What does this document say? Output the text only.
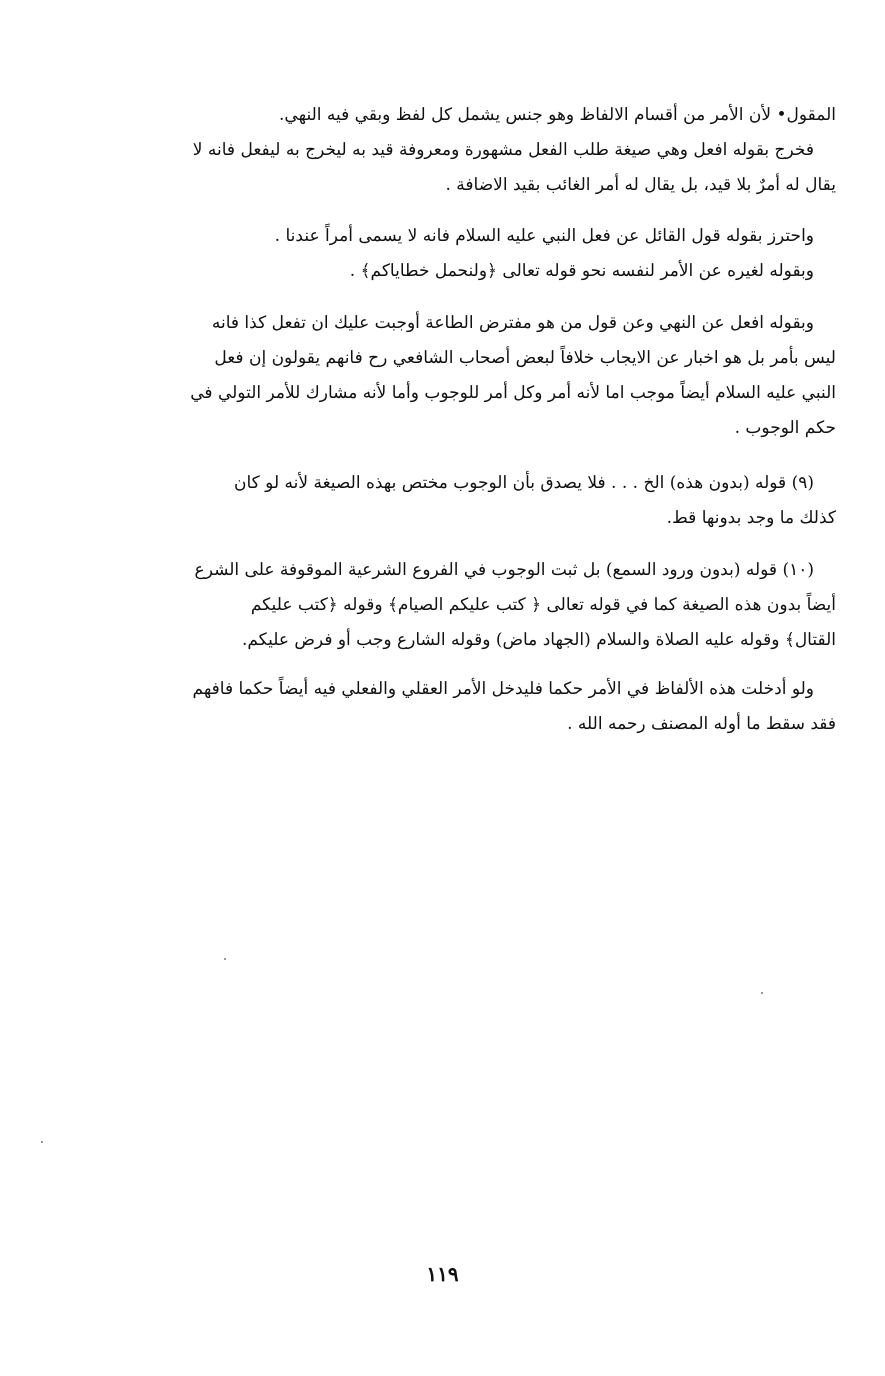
المقول• لأن الأمر من أقسام الالفاظ وهو جنس يشمل كل لفظ وبقي فيه النهي.
فخرج بقوله افعل وهي صيغة طلب الفعل مشهورة ومعروفة قيد به ليخرج به ليفعل فانه لا
يقال له أمرٌ بلا قيد، بل يقال له أمر الغائب بقيد الاضافة .
واحترز بقوله قول القائل عن فعل النبي عليه السلام فانه لا يسمى أمراً عندنا .
وبقوله لغيره عن الأمر لنفسه نحو قوله تعالى ﴿ولنحمل خطاياكم﴾ .
وبقوله افعل عن النهي وعن قول من هو مفترض الطاعة أوجبت عليك ان تفعل كذا فانه
ليس بأمر بل هو اخبار عن الايجاب خلافاً لبعض أصحاب الشافعي رح فانهم يقولون إن فعل
النبي عليه السلام أيضاً موجب اما لأنه أمر وكل أمر للوجوب وأما لأنه مشارك للأمر التولي في
حكم الوجوب .
(٩) قوله (بدون هذه) الخ . . . فلا يصدق بأن الوجوب مختص بهذه الصيغة لأنه لو كان
كذلك ما وجد بدونها قط.
(١٠) قوله (بدون ورود السمع) بل ثبت الوجوب في الفروع الشرعية الموقوفة على الشرع
أيضاً بدون هذه الصيغة كما في قوله تعالى ﴿ كتب عليكم الصيام﴾ وقوله ﴿كتب عليكم
القتال﴾ وقوله عليه الصلاة والسلام (الجهاد ماض) وقوله الشارع وجب أو فرض عليكم.
ولو أدخلت هذه الألفاظ في الأمر حكما فليدخل الأمر العقلي والفعلي فيه أيضاً حكما فافهم
فقد سقط ما أوله المصنف رحمه الله .
١١٩
